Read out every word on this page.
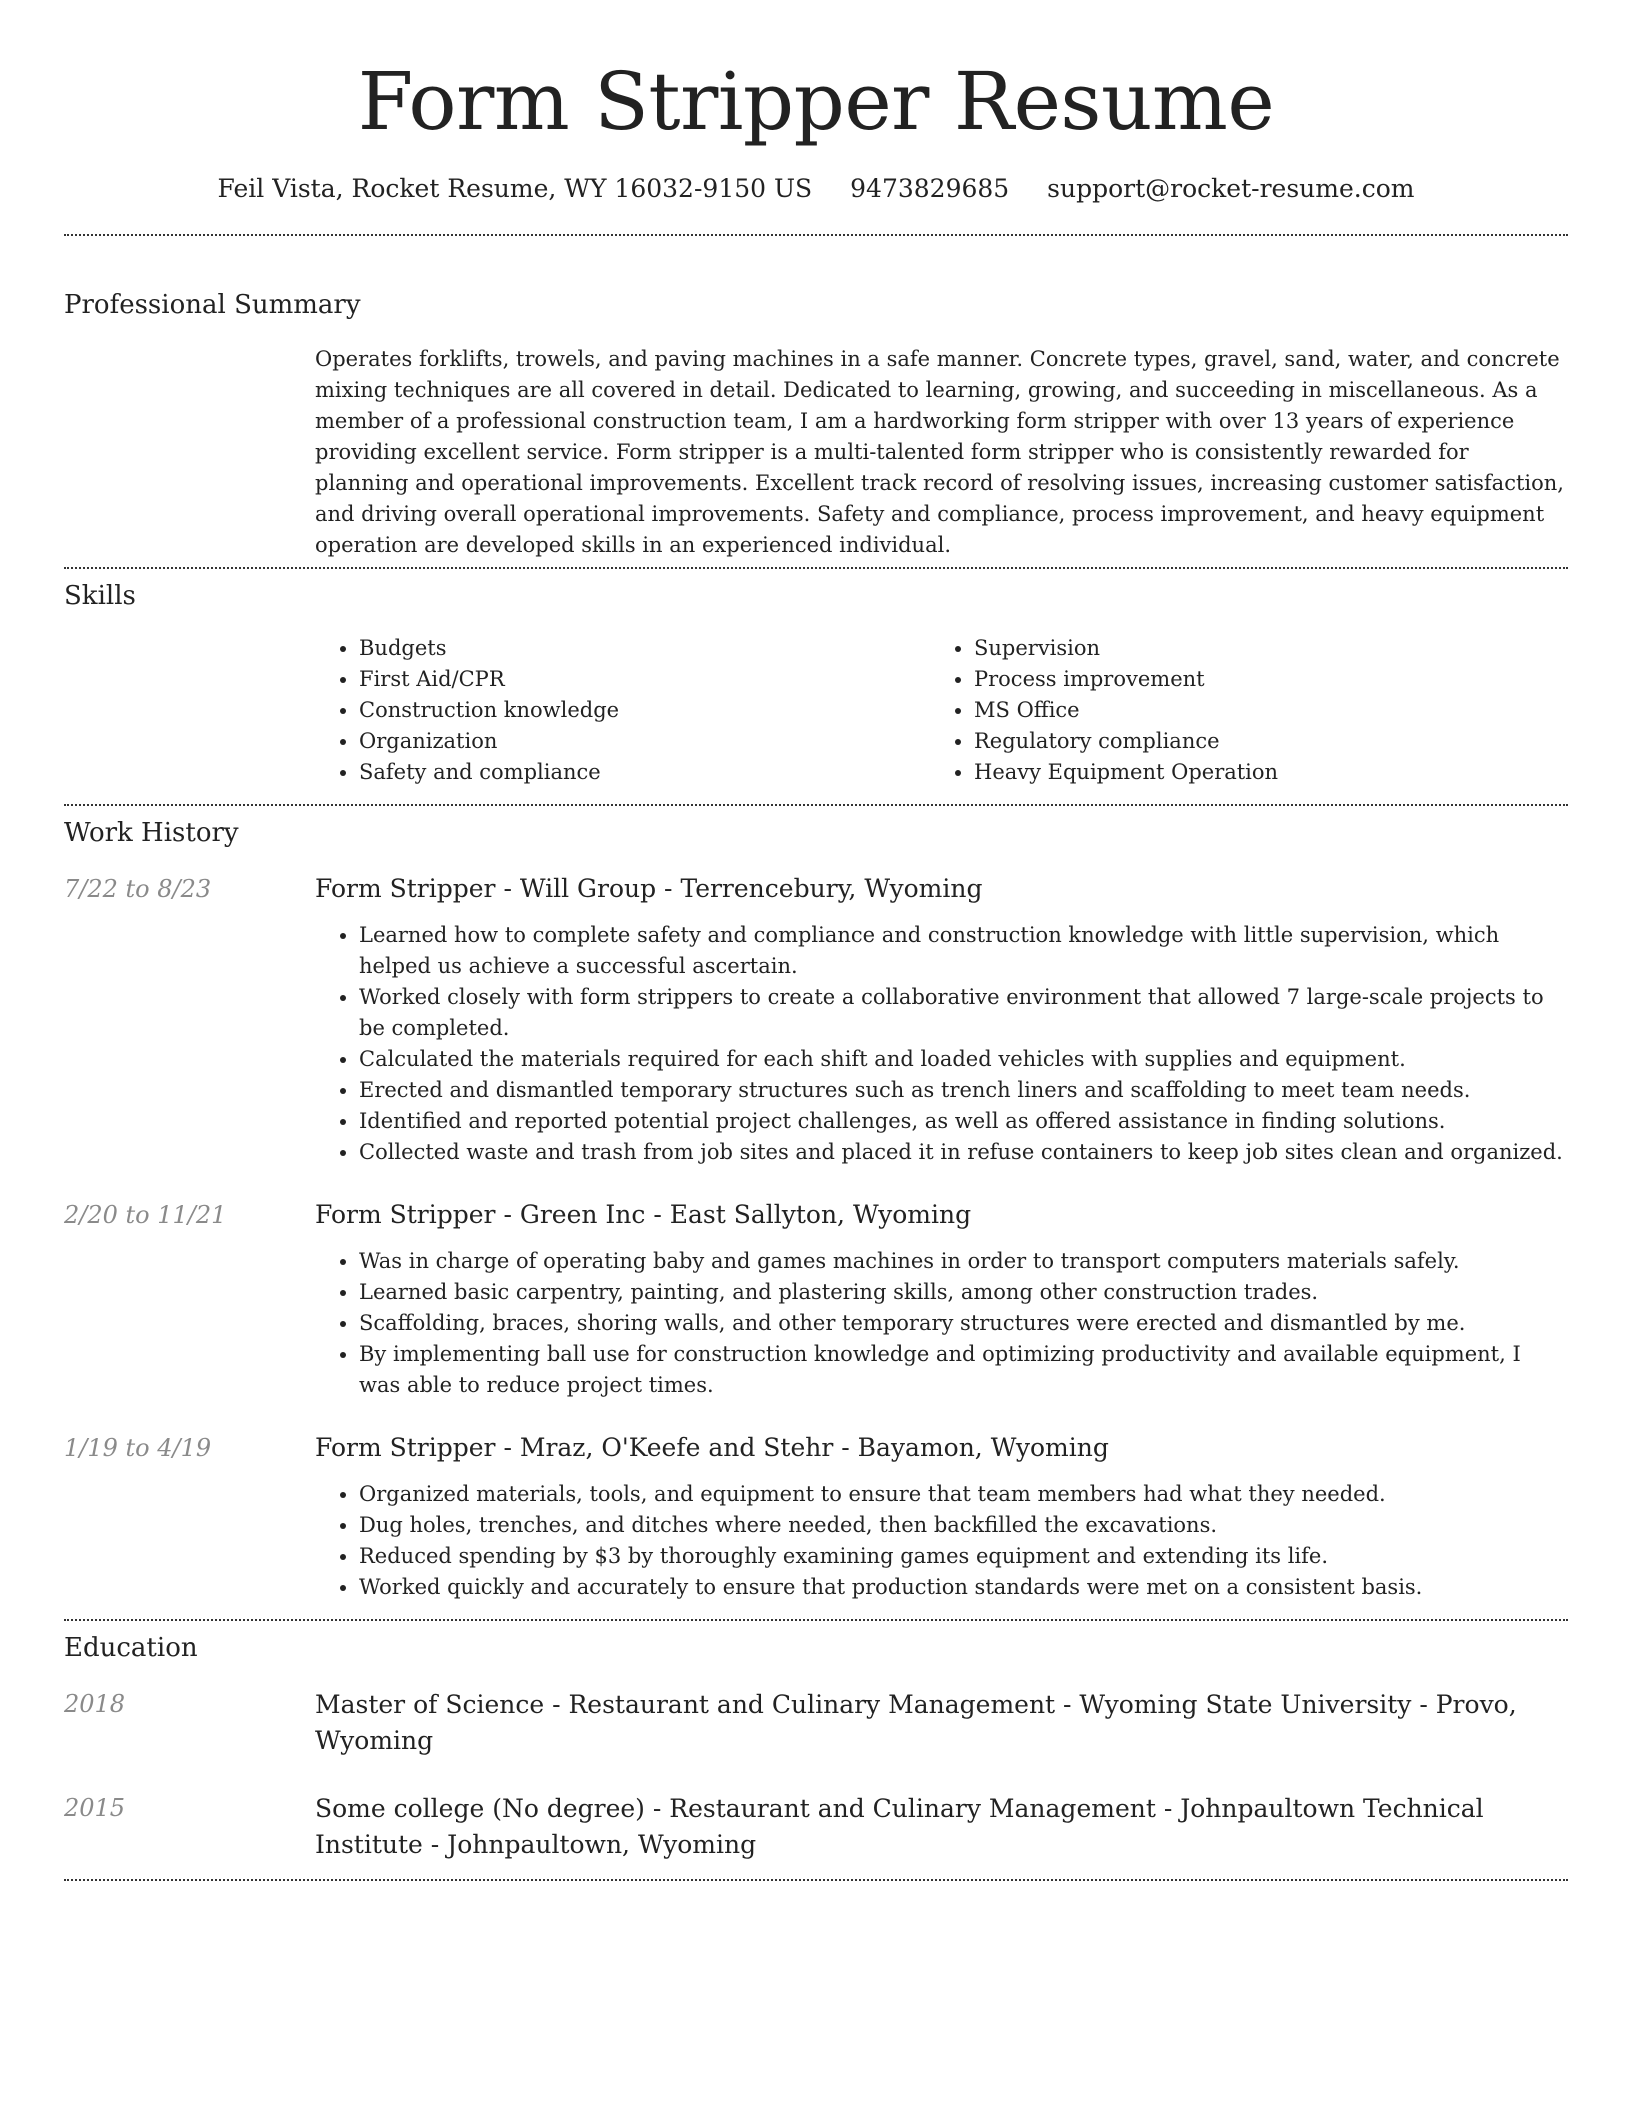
Form Stripper Resume
Feil Vista, Rocket Resume, WY 16032-9150 US 9473829685 support@rocket-resume.com
Professional Summary
Operates forklifts, trowels, and paving machines in a safe manner. Concrete types, gravel, sand, water, and concrete mixing techniques are all covered in detail. Dedicated to learning, growing, and succeeding in miscellaneous. As a member of a professional construction team, I am a hardworking form stripper with over 13 years of experience providing excellent service. Form stripper is a multi-talented form stripper who is consistently rewarded for planning and operational improvements. Excellent track record of resolving issues, increasing customer satisfaction, and driving overall operational improvements. Safety and compliance, process improvement, and heavy equipment operation are developed skills in an experienced individual.
Skills
• Budgets
• First Aid/CPR
• Construction knowledge
• Organization
• Safety and compliance
• Supervision
• Process improvement
• MS Office
• Regulatory compliance
• Heavy Equipment Operation
Work History
7/22 to 8/23	Form Stripper - Will Group - Terrencebury, Wyoming
• Learned how to complete safety and compliance and construction knowledge with little supervision, which helped us achieve a successful ascertain.
• Worked closely with form strippers to create a collaborative environment that allowed 7 large-scale projects to be completed.
• Calculated the materials required for each shift and loaded vehicles with supplies and equipment.
• Erected and dismantled temporary structures such as trench liners and scaffolding to meet team needs.
• Identified and reported potential project challenges, as well as offered assistance in finding solutions.
• Collected waste and trash from job sites and placed it in refuse containers to keep job sites clean and organized.
2/20 to 11/21	Form Stripper - Green Inc - East Sallyton, Wyoming
• Was in charge of operating baby and games machines in order to transport computers materials safely.
• Learned basic carpentry, painting, and plastering skills, among other construction trades.
• Scaffolding, braces, shoring walls, and other temporary structures were erected and dismantled by me.
• By implementing ball use for construction knowledge and optimizing productivity and available equipment, I was able to reduce project times.
1/19 to 4/19	Form Stripper - Mraz, O'Keefe and Stehr - Bayamon, Wyoming
• Organized materials, tools, and equipment to ensure that team members had what they needed.
• Dug holes, trenches, and ditches where needed, then backfilled the excavations.
• Reduced spending by $3 by thoroughly examining games equipment and extending its life.
• Worked quickly and accurately to ensure that production standards were met on a consistent basis.
Education
2018	Master of Science - Restaurant and Culinary Management - Wyoming State University - Provo, Wyoming
2015	Some college (No degree) - Restaurant and Culinary Management - Johnpaultown Technical Institute - Johnpaultown, Wyoming
